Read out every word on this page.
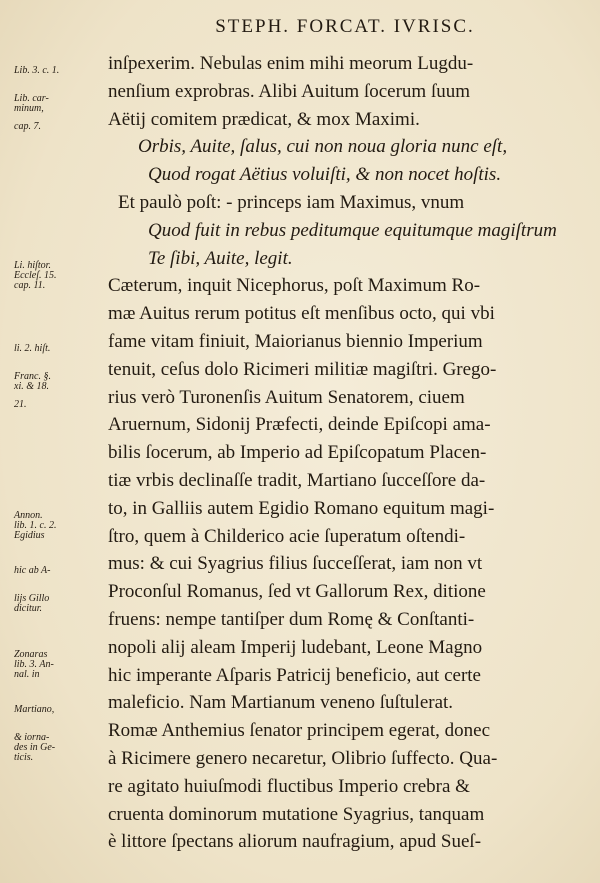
STEPH. FORCAT. IVRISC.
inſpexerim. Nebulas enim mihi meorum Lugdu-
nenſium exprobras. Alibi Auitum ſocerum ſuum
Aëtij comitem prædicat, & mox Maximi.
Orbis, Auite, ſalus, cui non noua gloria nunc eſt,
Quod rogat Aëtius voluiſti, & non nocet hoſtis.
Et paulò poſt: - princeps iam Maximus, vnum
Quod fuit in rebus peditumque equitumque magiſtrum
Te ſibi, Auite, legit.
Cæterum, inquit Nicephorus, poſt Maximum Ro-
mæ Auitus rerum potitus eſt menſibus octo, qui vbi
fame vitam finiuit, Maiorianus biennio Imperium
tenuit, ceſus dolo Ricimeri militiæ magiſtri. Grego-
rius verò Turonenſis Auitum Senatorem, ciuem
Aruernum, Sidonij Præfecti, deinde Epiſcopi ama-
bilis ſocerum, ab Imperio ad Epiſcopatum Placen-
tiæ vrbis declinaſſe tradit, Martiano ſucceſſore da-
to, in Galliis autem Egidio Romano equitum magi-
ſtro, quem à Childerico acie ſuperatum oſtendi-
mus: & cui Syagrius filius ſucceſſerat, iam non vt
Proconſul Romanus, ſed vt Gallorum Rex, ditione
fruens: nempe tantiſper dum Romę & Conſtanti-
nopoli alij aleam Imperij ludebant, Leone Magno
hic imperante Aſparis Patricij beneficio, aut certe
maleficio. Nam Martianum veneno ſuſtulerat.
Romæ Anthemius ſenator principem egerat, donec
à Ricimere genero necaretur, Olibrio ſuffecto. Qua-
re agitato huiuſmodi fluctibus Imperio crebra &
cruenta dominorum mutatione Syagrius, tanquam
è littore ſpectans aliorum naufragium, apud Sueſ-
Lib. 3. c. 1.
Lib. car-
minum,
cap. 7.
Li. hiſtor.
Eccleſ. 15.
cap. 11.
li. 2. hiſt.
Franc. §.
xi. & 18.
21.
Annon.
lib. 1. c. 2.
Egidius
hic ab A-
lijs Gillo
dicitur.
Zonaras
lib. 3. An-
nal. in
Martiano,
& iorna-
des in Ge-
ticis.
